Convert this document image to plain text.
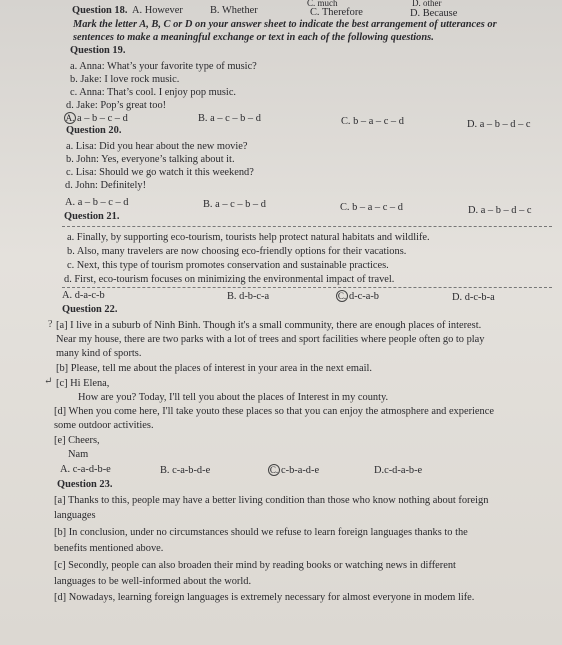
C. much	D. other
Question 18. A. However	B. Whether	C. Therefore	D. Because
Mark the letter A, B, C or D on your answer sheet to indicate the best arrangement of utterances or
sentences to make a meaningful exchange or text in each of the following questions.
Question 19.
a. Anna: What’s your favorite type of music?
b. Jake: I love rock music.
c. Anna: That’s cool. I enjoy pop music.
d. Jake: Pop’s great too!
A. a – b – c – d	B. a – c – b – d	C. b – a – c – d	D. a – b – d – c
Question 20.
a. Lisa: Did you hear about the new movie?
b. John: Yes, everyone’s talking about it.
c. Lisa: Should we go watch it this weekend?
d. John: Definitely!
A. a – b – c – d	B. a – c – b – d	C. b – a – c – d	D. a – b – d – c
Question 21.
a. Finally, by supporting eco-tourism, tourists help protect natural habitats and wildlife.
b. Also, many travelers are now choosing eco-friendly options for their vacations.
c. Next, this type of tourism promotes conservation and sustainable practices.
d. First, eco-tourism focuses on minimizing the environmental impact of travel.
A. d-a-c-b	B. d-b-c-a	C. d-c-a-b	D. d-c-b-a
Question 22.
? [a] I live in a suburb of Ninh Binh. Though it's a small community, there are enough places of interest.
Near my house, there are two parks with a lot of trees and sport facilities where people often go to play
many kind of sports.
[b] Please, tell me about the places of interest in your area in the next email.
↵ [c] Hi Elena,
How are you? Today, I'll tell you about the places of Interest in my county.
[d] When you come here, I'll take youto these places so that you can enjoy the atmosphere and experience
some outdoor activities.
[e] Cheers,
Nam
A. c-a-d-b-e	B. c-a-b-d-e	C. c-b-a-d-e	D.c-d-a-b-e
Question 23.
[a] Thanks to this, people may have a better living condition than those who know nothing about foreign
languages
[b] In conclusion, under no circumstances should we refuse to learn foreign languages thanks to the
benefits mentioned above.
[c] Secondly, people can also broaden their mind by reading books or watching news in different
languages to be well-informed about the world.
[d] Nowadays, learning foreign languages is extremely necessary for almost everyone in modem life.
